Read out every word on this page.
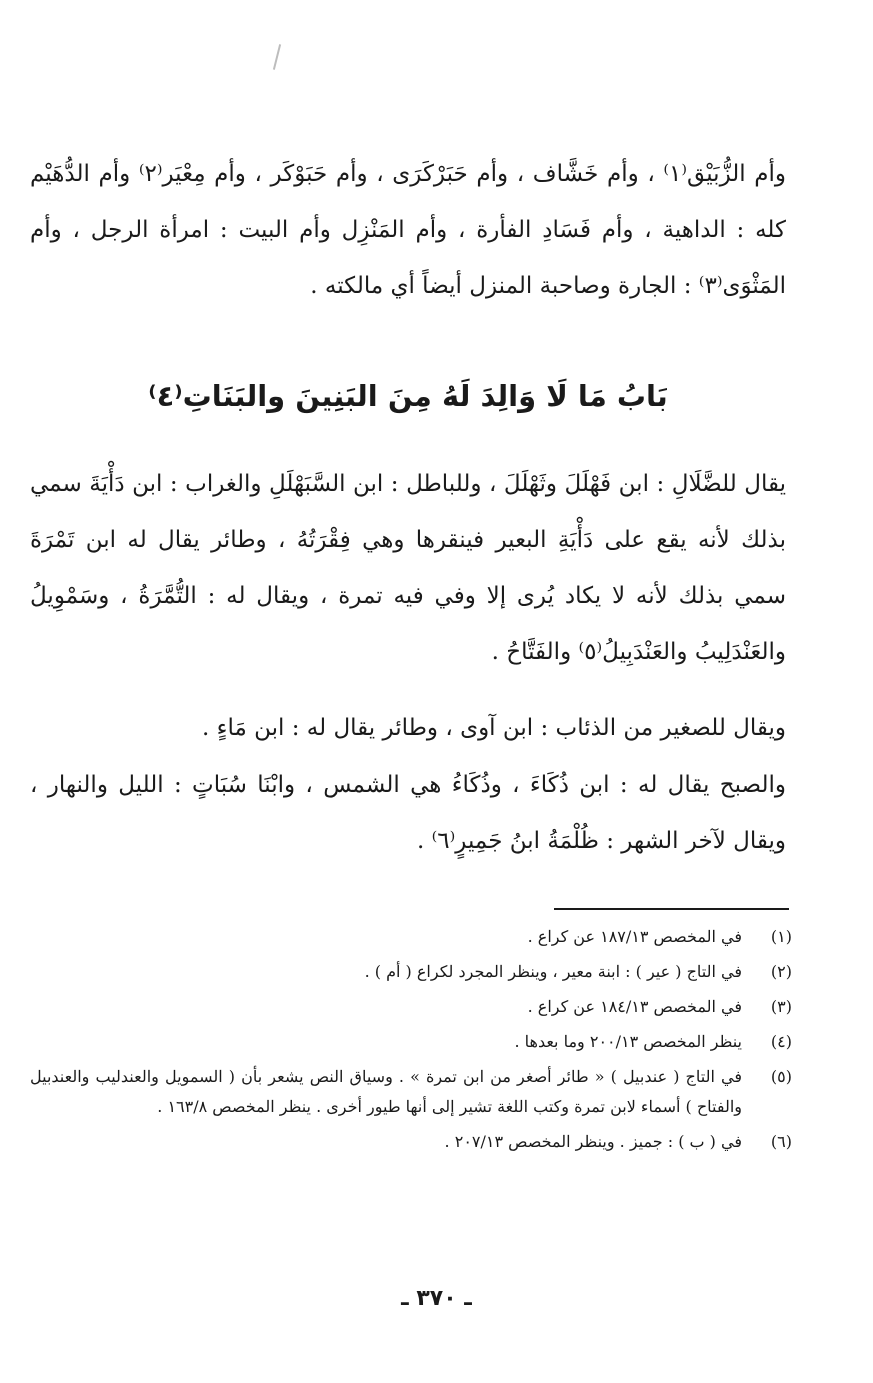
وأم الزُّبَيْق⁽١⁾ ، وأم خَشَّاف ، وأم حَبَرْكَرَى ، وأم حَبَوْكَر ، وأم مِعْيَر⁽٢⁾ وأم الدُّهَيْم كله : الداهية ، وأم فَسَادِ الفأرة ، وأم المَنْزِل وأم البيت : امرأة الرجل ، وأم المَثْوَى⁽٣⁾ : الجارة وصاحبة المنزل أيضاً أي مالكته .

بَابُ مَا لَا وَالِدَ لَهُ مِنَ البَنِينَ والبَنَاتِ⁽٤⁾

يقال للضَّلَالِ : ابن فَهْلَلَ وثَهْلَلَ ، وللباطل : ابن السَّبَهْلَلِ والغراب : ابن دَأْيَةَ سمي بذلك لأنه يقع على دَأْيَةِ البعير فينقرها وهي فِقْرَتُهُ ، وطائر يقال له ابن تَمْرَةَ سمي بذلك لأنه لا يكاد يُرى إلا وفي فيه تمرة ، ويقال له : التُّمَّرَةُ ، وسَمْوِيلُ والعَنْدَلِيبُ والعَنْدَبِيلُ⁽٥⁾ والفَتَّاحُ .

ويقال للصغير من الذئاب : ابن آوى ، وطائر يقال له : ابن مَاءٍ .

والصبح يقال له : ابن ذُكَاءَ ، وذُكَاءُ هي الشمس ، وابْنَا سُبَاتٍ : الليل والنهار ، ويقال لآخر الشهر : ظُلْمَةُ ابنُ جَمِيرٍ⁽٦⁾ .

(١)
في المخصص ١٨٧/١٣ عن كراع .
(٢)
في التاج ( عير ) : ابنة معير ، وينظر المجرد لكراع ( أم ) .
(٣)
في المخصص ١٨٤/١٣ عن كراع .
(٤)
ينظر المخصص ٢٠٠/١٣ وما بعدها .
(٥)
في التاج ( عندبيل ) « طائر أصغر من ابن تمرة » . وسياق النص يشعر بأن ( السمويل والعندليب والعندبيل والفتاح ) أسماء لابن تمرة وكتب اللغة تشير إلى أنها طيور أخرى . ينظر المخصص ١٦٣/٨ .
(٦)
في ( ب ) : جميز . وينظر المخصص ٢٠٧/١٣ .
ـ ٣٧٠ ـ
